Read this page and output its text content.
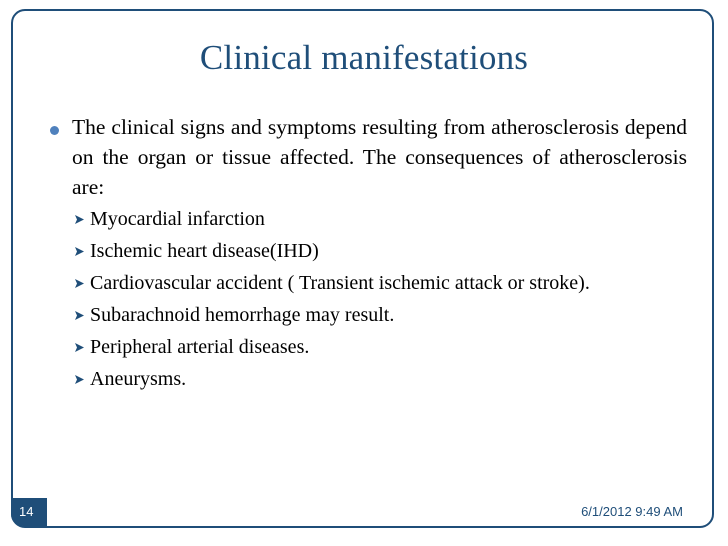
Clinical manifestations
The clinical signs and symptoms resulting from atherosclerosis depend on the organ or tissue affected. The consequences of atherosclerosis are:
Myocardial infarction
Ischemic heart disease(IHD)
Cardiovascular accident ( Transient ischemic attack or stroke).
Subarachnoid hemorrhage may result.
Peripheral arterial diseases.
Aneurysms.
14	6/1/2012 9:49 AM
